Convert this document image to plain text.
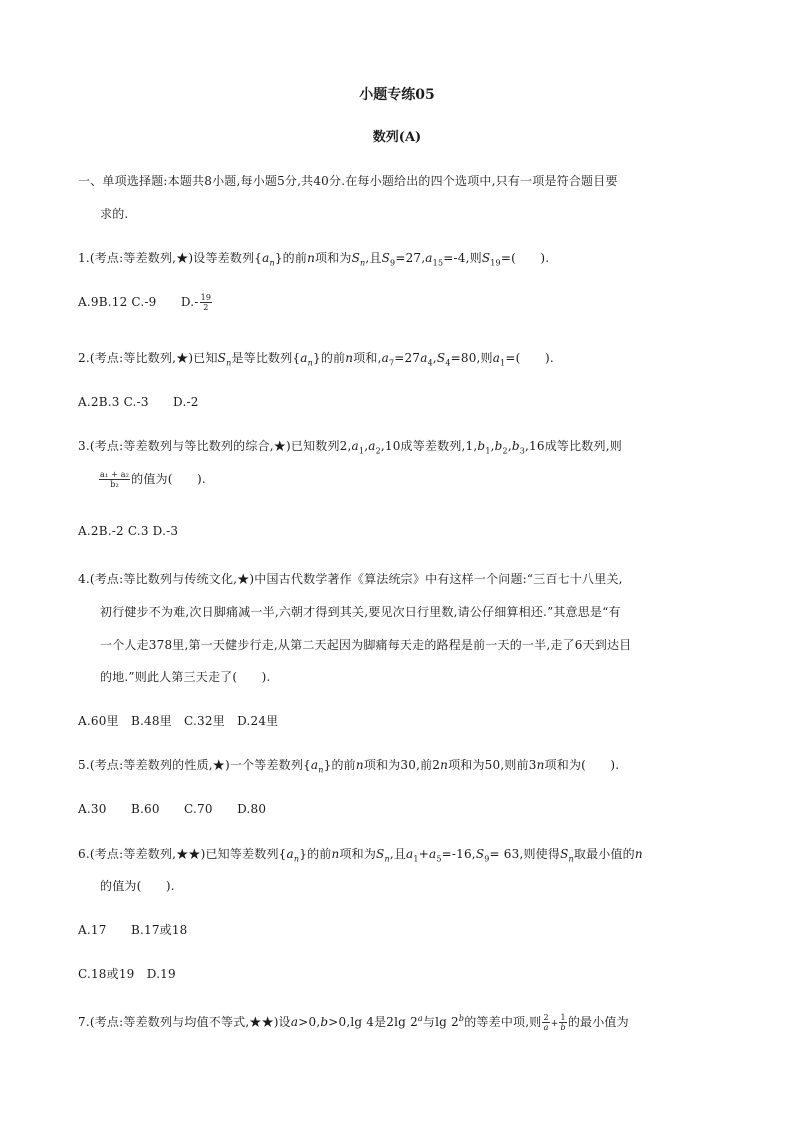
小题专练05
数列(A)
一、单项选择题:本题共8小题,每小题5分,共40分.在每小题给出的四个选项中,只有一项是符合题目要
求的.
1.(考点:等差数列,★)设等差数列$\{a_n\}$的前n项和为$S_n$,且$S_9=27,a_{15}=-4$,则$S_{19}=$(　　).
A.9B.12 C.-9　　$D.- \frac{19}{2}$
2.(考点:等比数列,★)已知$S_n$是等比数列$\{a_n\}$的前n项和$,a_7=27a_4,S_4=80$,则$a_1=$(　　).
A.2B.3 C.-3　　D.-2
3.(考点:等差数列与等比数列的综合,★)已知数列$2,a_1,a_2,10$成等差数列$,1,b_1,b_2,b_3,16$成等比数列,则
$\frac{\text{a₁ + a₂}}{\text{b₂}}$ 的值为(　　).
A.2B.-2 C.3 D.-3
4.(考点:等比数列与传统文化,★)中国古代数学著作《算法统宗》中有这样一个问题:“三百七十八里关,
初行健步不为难,次日脚痛减一半,六朝才得到其关,要见次日行里数,请公仔细算相还.”其意思是“有
一个人走378里,第一天健步行走,从第二天起因为脚痛每天走的路程是前一天的一半,走了6天到达目
的地.”则此人第三天走了(　　).
A.60里　B.48里　C.32里　D.24里
5.(考点:等差数列的性质,★)一个等差数列$\{a_n\}$的前n项和为30,前2n项和为50,则前3n项和为(　　).
A.30　　B.60　　C.70　　D.80
6.(考点:等差数列,★★)已知等差数列$\{a_n\}$的前n项和为$S_n$,且$a_1+a_5=-16,S_9= 63$,则使得$S_n$取最小值的n
的值为(　　).
A.17　　B.17或18
C.18或19　D.19
7.(考点:等差数列与均值不等式,★★)设a>0,b>0,lg 4是2lg 2$^a$与lg 2$^b$的等差中项,则 $\frac{2}{a} + \frac{1}{b}$ 的最小值为
